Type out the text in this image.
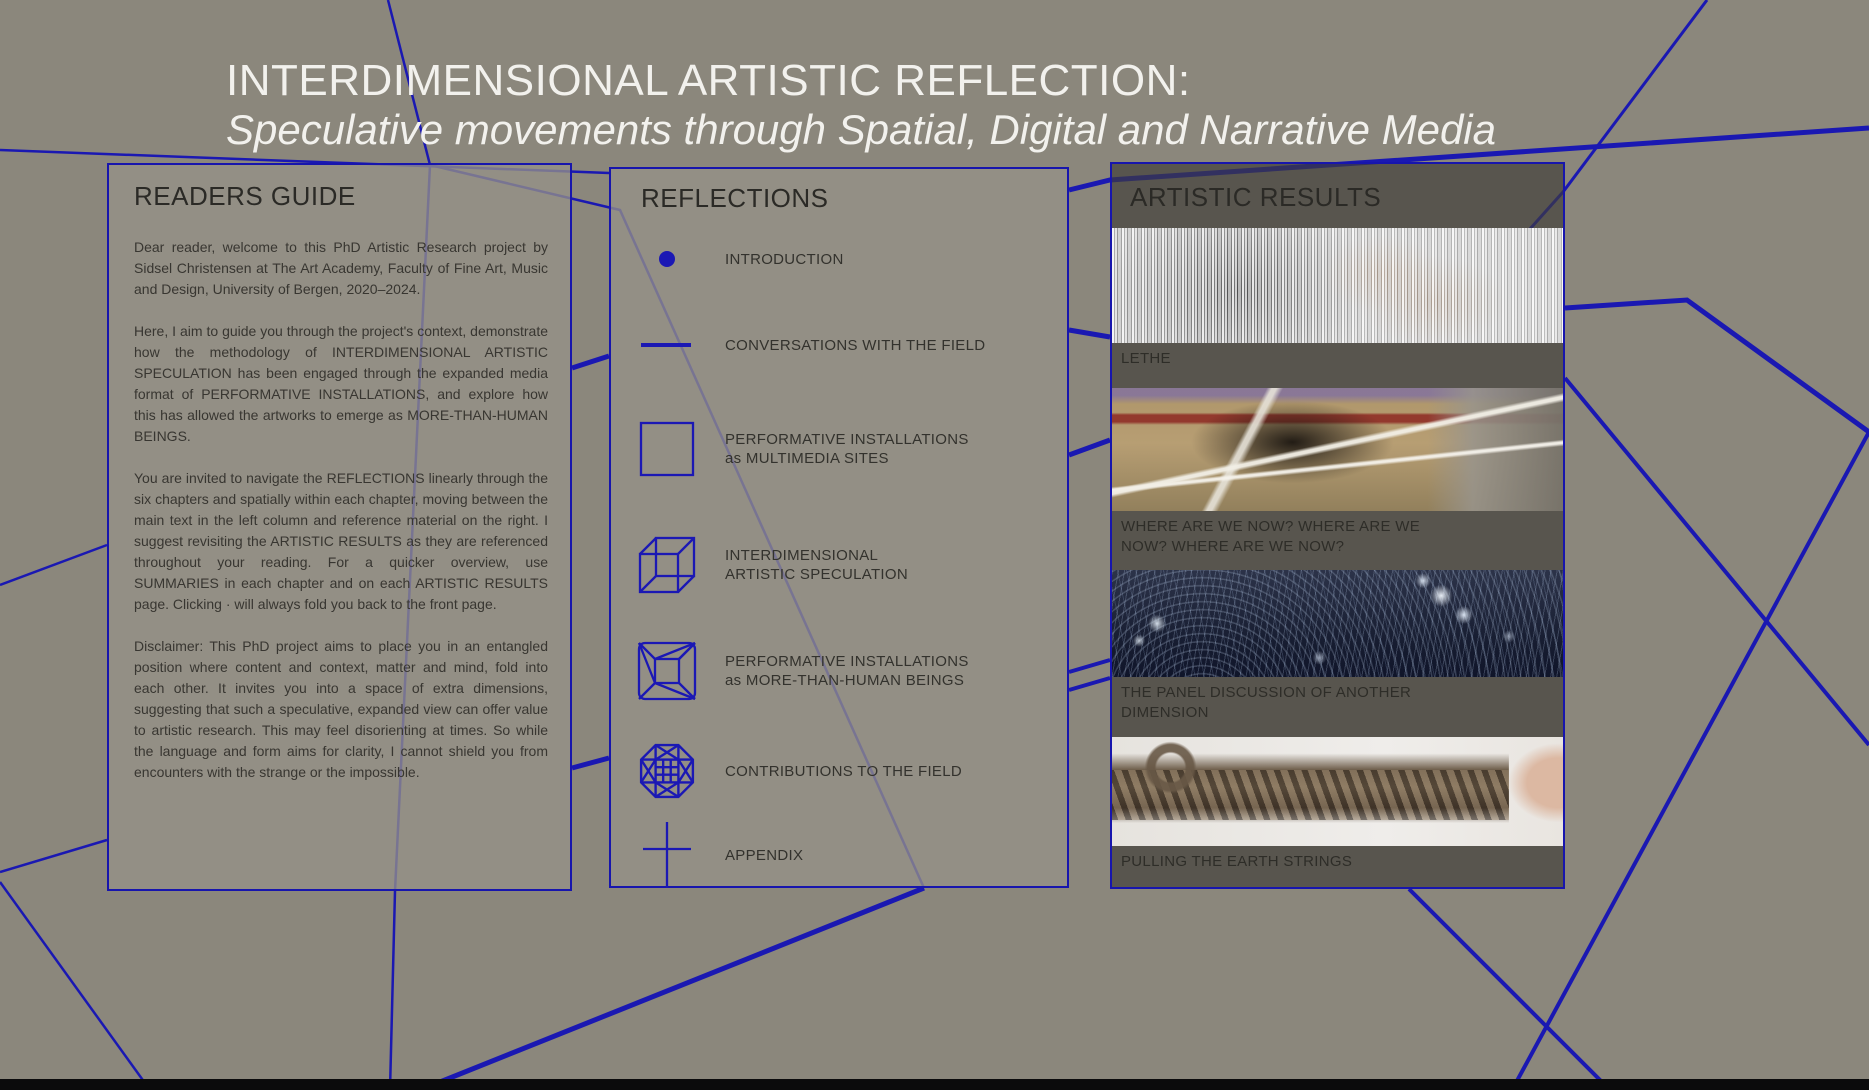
INTERDIMENSIONAL ARTISTIC REFLECTION:
Speculative movements through Spatial, Digital and Narrative Media
READERS GUIDE

Dear reader, welcome to this PhD Artistic Research project by Sidsel Christensen at The Art Academy, Faculty of Fine Art, Music and Design, University of Bergen, 2020–2024.

Here, I aim to guide you through the project's context, demonstrate how the methodology of INTERDIMENSIONAL ARTISTIC SPECULATION has been engaged through the expanded media format of PERFORMATIVE INSTALLATIONS, and explore how this has allowed the artworks to emerge as MORE-THAN-HUMAN BEINGS.

You are invited to navigate the REFLECTIONS linearly through the six chapters and spatially within each chapter, moving between the main text in the left column and reference material on the right. I suggest revisiting the ARTISTIC RESULTS as they are referenced throughout your reading. For a quicker overview, use SUMMARIES in each chapter and on each ARTISTIC RESULTS page. Clicking · will always fold you back to the front page.

Disclaimer: This PhD project aims to place you in an entangled position where content and context, matter and mind, fold into each other. It invites you into a space of extra dimensions, suggesting that such a speculative, expanded view can offer value to artistic research. This may feel disorienting at times. So while the language and form aims for clarity, I cannot shield you from encounters with the strange or the impossible.

REFLECTIONS
INTRODUCTION
CONVERSATIONS WITH THE FIELD
PERFORMATIVE INSTALLATIONS
as MULTIMEDIA SITES
INTERDIMENSIONAL
ARTISTIC SPECULATION
PERFORMATIVE INSTALLATIONS
as MORE-THAN-HUMAN BEINGS
CONTRIBUTIONS TO THE FIELD
APPENDIX
ARTISTIC RESULTS
LETHE
WHERE ARE WE NOW? WHERE ARE WE NOW? WHERE ARE WE NOW?
THE PANEL DISCUSSION OF ANOTHER DIMENSION
PULLING THE EARTH STRINGS
